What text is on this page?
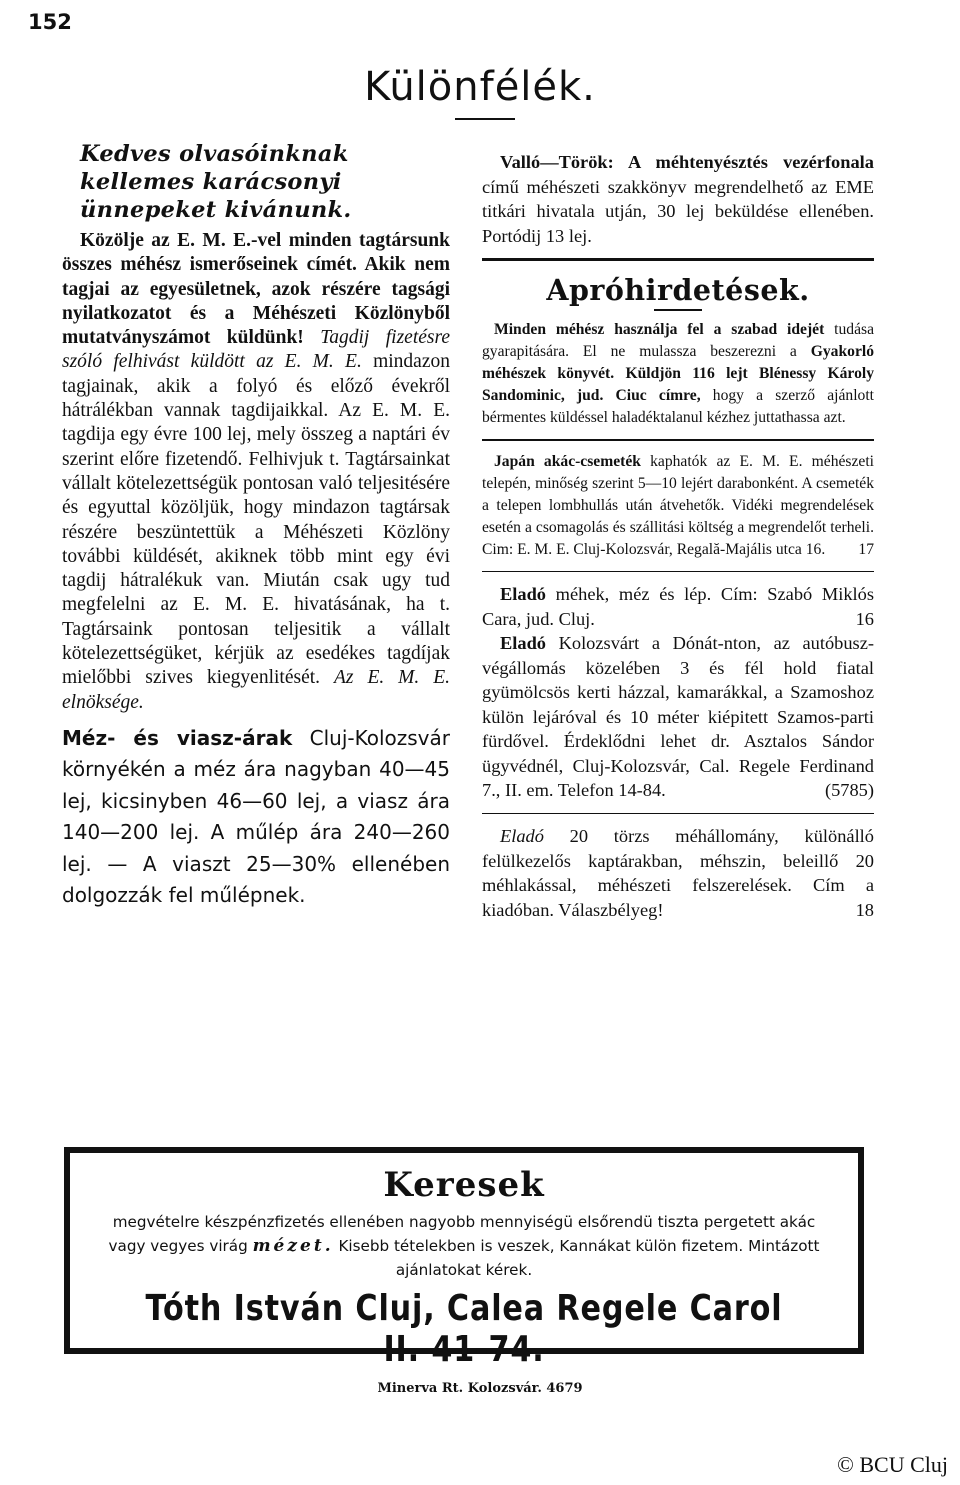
152
Különfélék.
Kedves olvasóinknak kellemes karácsonyi ünnepeket kivánunk.

Közölje az E. M. E.-vel minden tagtársunk összes méhész ismerőseinek címét. Akik nem tagjai az egyesületnek, azok részére tagsági nyilatkozatot és a Méhészeti Közlönyből mutatványszámot küldünk! Tagdij fizetésre szóló felhivást küldött az E. M. E. mindazon tagjainak, akik a folyó és előző évekről hátrálékban vannak tagdijaikkal. Az E. M. E. tagdija egy évre 100 lej, mely összeg a naptári év szerint előre fizetendő. Felhivjuk t. Tagtársainkat vállalt kötelezettségük pontosan való teljesitésére és egyuttal közöljük, hogy mindazon tagtársak részére beszüntettük a Méhészeti Közlöny további küldését, akiknek több mint egy évi tagdij hátralékuk van. Miután csak ugy tud megfelelni az E. M. E. hivatásának, ha t. Tagtársaink pontosan teljesitik a vállalt kötelezettségüket, kérjük az esedékes tagdíjak mielőbbi szives kiegyenlitését. Az E. M. E. elnöksége.

Méz- és viasz-árak Cluj-Kolozsvár környékén a méz ára nagyban 40—45 lej, kicsinyben 46—60 lej, a viasz ára 140—200 lej. A műlép ára 240—260 lej. — A viaszt 25—30% ellenében dolgozzák fel műlépnek.

Valló—Török: A méhtenyésztés vezérfonala című méhészeti szakkönyv megrendelhető az EME titkári hivatala utján, 30 lej beküldése ellenében. Portódij 13 lej.

Apróhirdetések.

Minden méhész használja fel a szabad idejét tudása gyarapitására. El ne mulassza beszerezni a Gyakorló méhészek könyvét. Küldjön 116 lejt Blénessy Károly Sandominic, jud. Ciuc címre, hogy a szerző ajánlott bérmentes küldéssel haladéktalanul kézhez juttathassa azt.

Japán akác-csemeték kaphatók az E. M. E. méhészeti telepén, minőség szerint 5—10 lejért darabonként. A csemeték a telepen lombhullás után átvehetők. Vidéki megrendelések esetén a csomagolás és szállitási költség a megrendelőt terheli. Cim: E. M. E. Cluj-Kolozsvár, Regală-Majális utca 16.	17

Eladó méhek, méz és lép. Cím: Szabó Miklós Cara, jud. Cluj.	16

Eladó Kolozsvárt a Dónát-nton, az autóbusz-végállomás közelében 3 és fél hold fiatal gyümölcsös kerti házzal, kamarákkal, a Szamoshoz külön lejáróval és 10 méter kiépitett Szamos-parti fürdővel. Érdeklődni lehet dr. Asztalos Sándor ügyvédnél, Cluj-Kolozsvár, Cal. Regele Ferdinand 7., II. em. Telefon 14-84.	(5785)

Eladó 20 törzs méhállomány, különálló felülkezelős kaptárakban, méhszin, beleillő 20 méhlakással, méhészeti felszerelések. Cím a kiadóban. Válaszbélyeg!	18

Keresek
megvételre készpénzfizetés ellenében nagyobb mennyiségü elsőrendü tiszta pergetett akác vagy vegyes virág mézet. Kisebb tételekben is veszek, Kannákat külön fizetem. Mintázott ajánlatokat kérek.
Tóth István Cluj, Calea Regele Carol II. 41-74.
Minerva Rt. Kolozsvár. 4679
© BCU Cluj
